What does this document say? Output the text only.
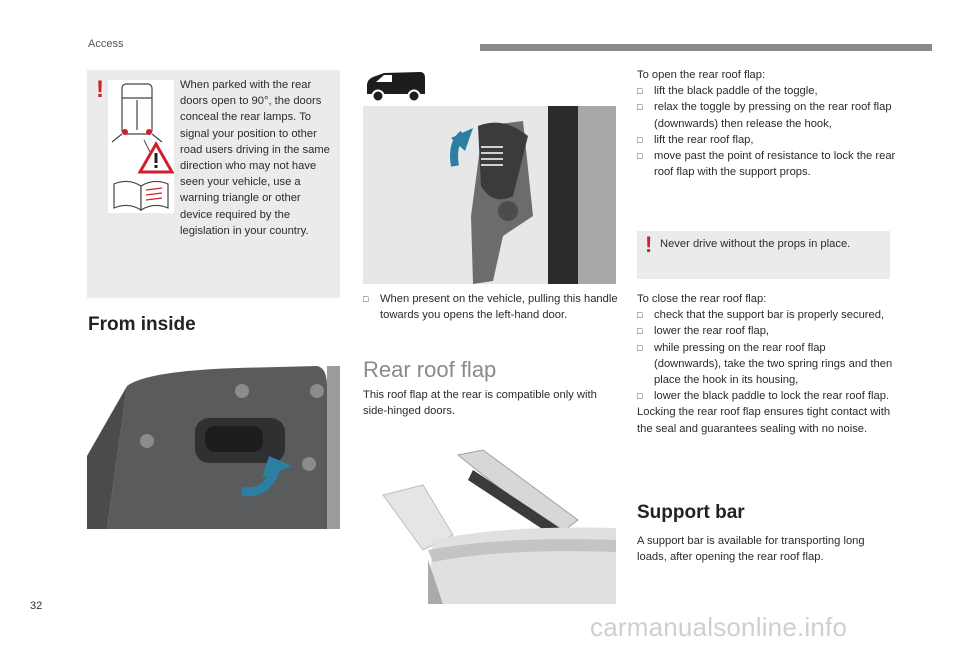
Access
!	When parked with the rear doors open to 90°, the doors conceal the rear lamps. To signal your position to other road users driving in the same direction who may not have seen your vehicle, use a warning triangle or other device required by the legislation in your country.
From inside
□ When present on the vehicle, pulling this handle towards you opens the left-hand door.
Rear roof flap
This roof flap at the rear is compatible only with side-hinged doors.
To open the rear roof flap:
□ lift the black paddle of the toggle,
□ relax the toggle by pressing on the rear roof flap (downwards) then release the hook,
□ lift the rear roof flap,
□ move past the point of resistance to lock the rear roof flap with the support props.
! Never drive without the props in place.
To close the rear roof flap:
□ check that the support bar is properly secured,
□ lower the rear roof flap,
□ while pressing on the rear roof flap (downwards), take the two spring rings and then place the hook in its housing,
□ lower the black paddle to lock the rear roof flap.
Locking the rear roof flap ensures tight contact with the seal and guarantees sealing with no noise.
Support bar
A support bar is available for transporting long loads, after opening the rear roof flap.
32
carmanualsonline.info
